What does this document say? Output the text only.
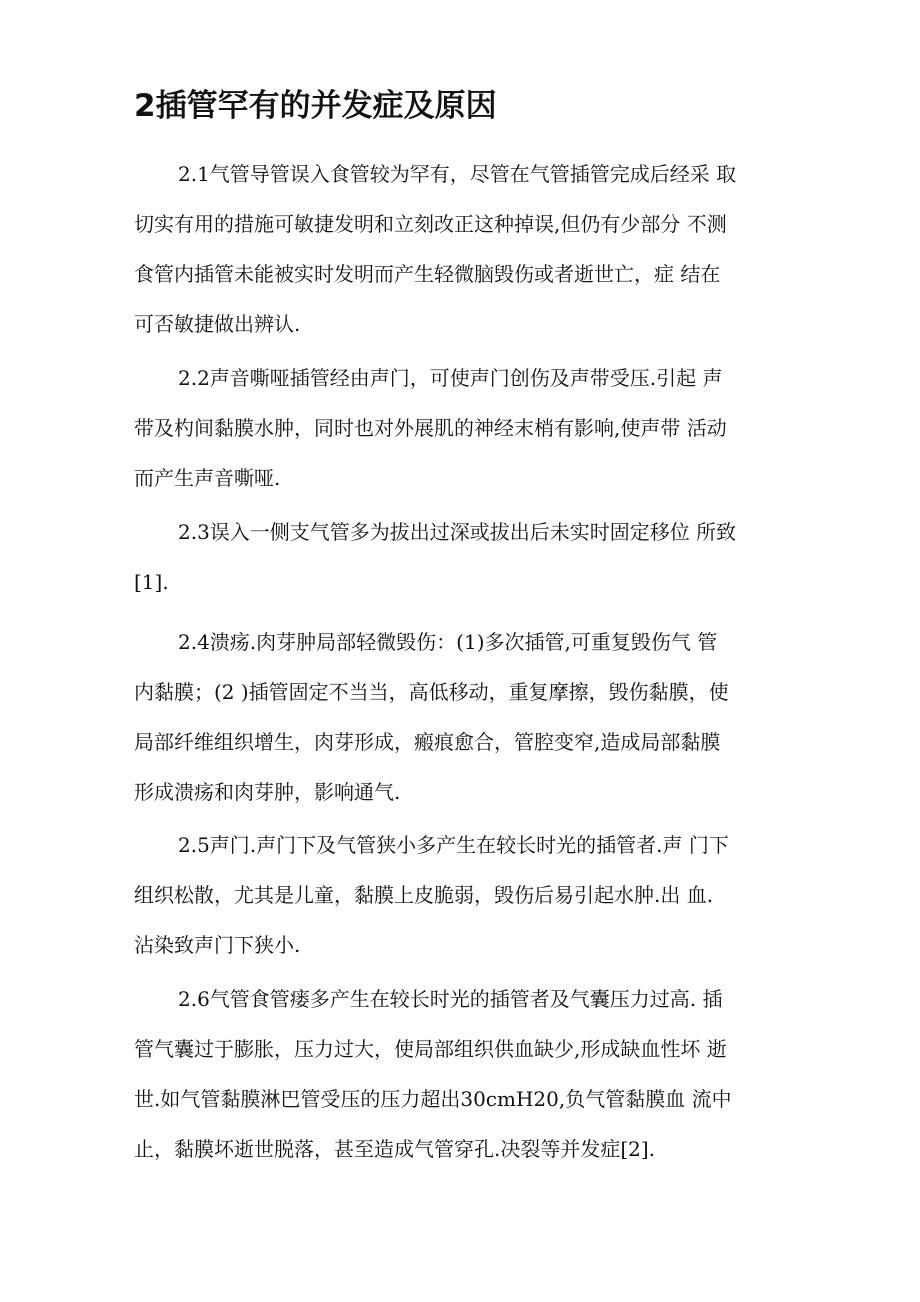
2插管罕有的并发症及原因

2.1气管导管误入食管较为罕有，尽管在气管插管完成后经采 取
切实有用的措施可敏捷发明和立刻改正这种掉误,但仍有少部分 不测
食管内插管未能被实时发明而产生轻微脑毁伤或者逝世亡，症 结在
可否敏捷做出辨认.

2.2声音嘶哑插管经由声门，可使声门创伤及声带受压.引起 声
带及杓间黏膜水肿，同时也对外展肌的神经末梢有影响,使声带 活动
而产生声音嘶哑.

2.3误入一侧支气管多为拔出过深或拔出后未实时固定移位 所致
[1].

2.4溃疡.肉芽肿局部轻微毁伤：(1)多次插管,可重复毁伤气 管
内黏膜；(2 )插管固定不当当，高低移动，重复摩擦，毁伤黏膜，使
局部纤维组织增生，肉芽形成，瘢痕愈合，管腔变窄,造成局部黏膜
形成溃疡和肉芽肿，影响通气.

2.5声门.声门下及气管狭小多产生在较长时光的插管者.声 门下
组织松散，尤其是儿童，黏膜上皮脆弱，毁伤后易引起水肿.出 血.
沾染致声门下狭小.

2.6气管食管瘘多产生在较长时光的插管者及气囊压力过高. 插
管气囊过于膨胀，压力过大，使局部组织供血缺少,形成缺血性坏 逝
世.如气管黏膜淋巴管受压的压力超出30cmH20,负气管黏膜血 流中
止，黏膜坏逝世脱落，甚至造成气管穿孔.决裂等并发症[2].
